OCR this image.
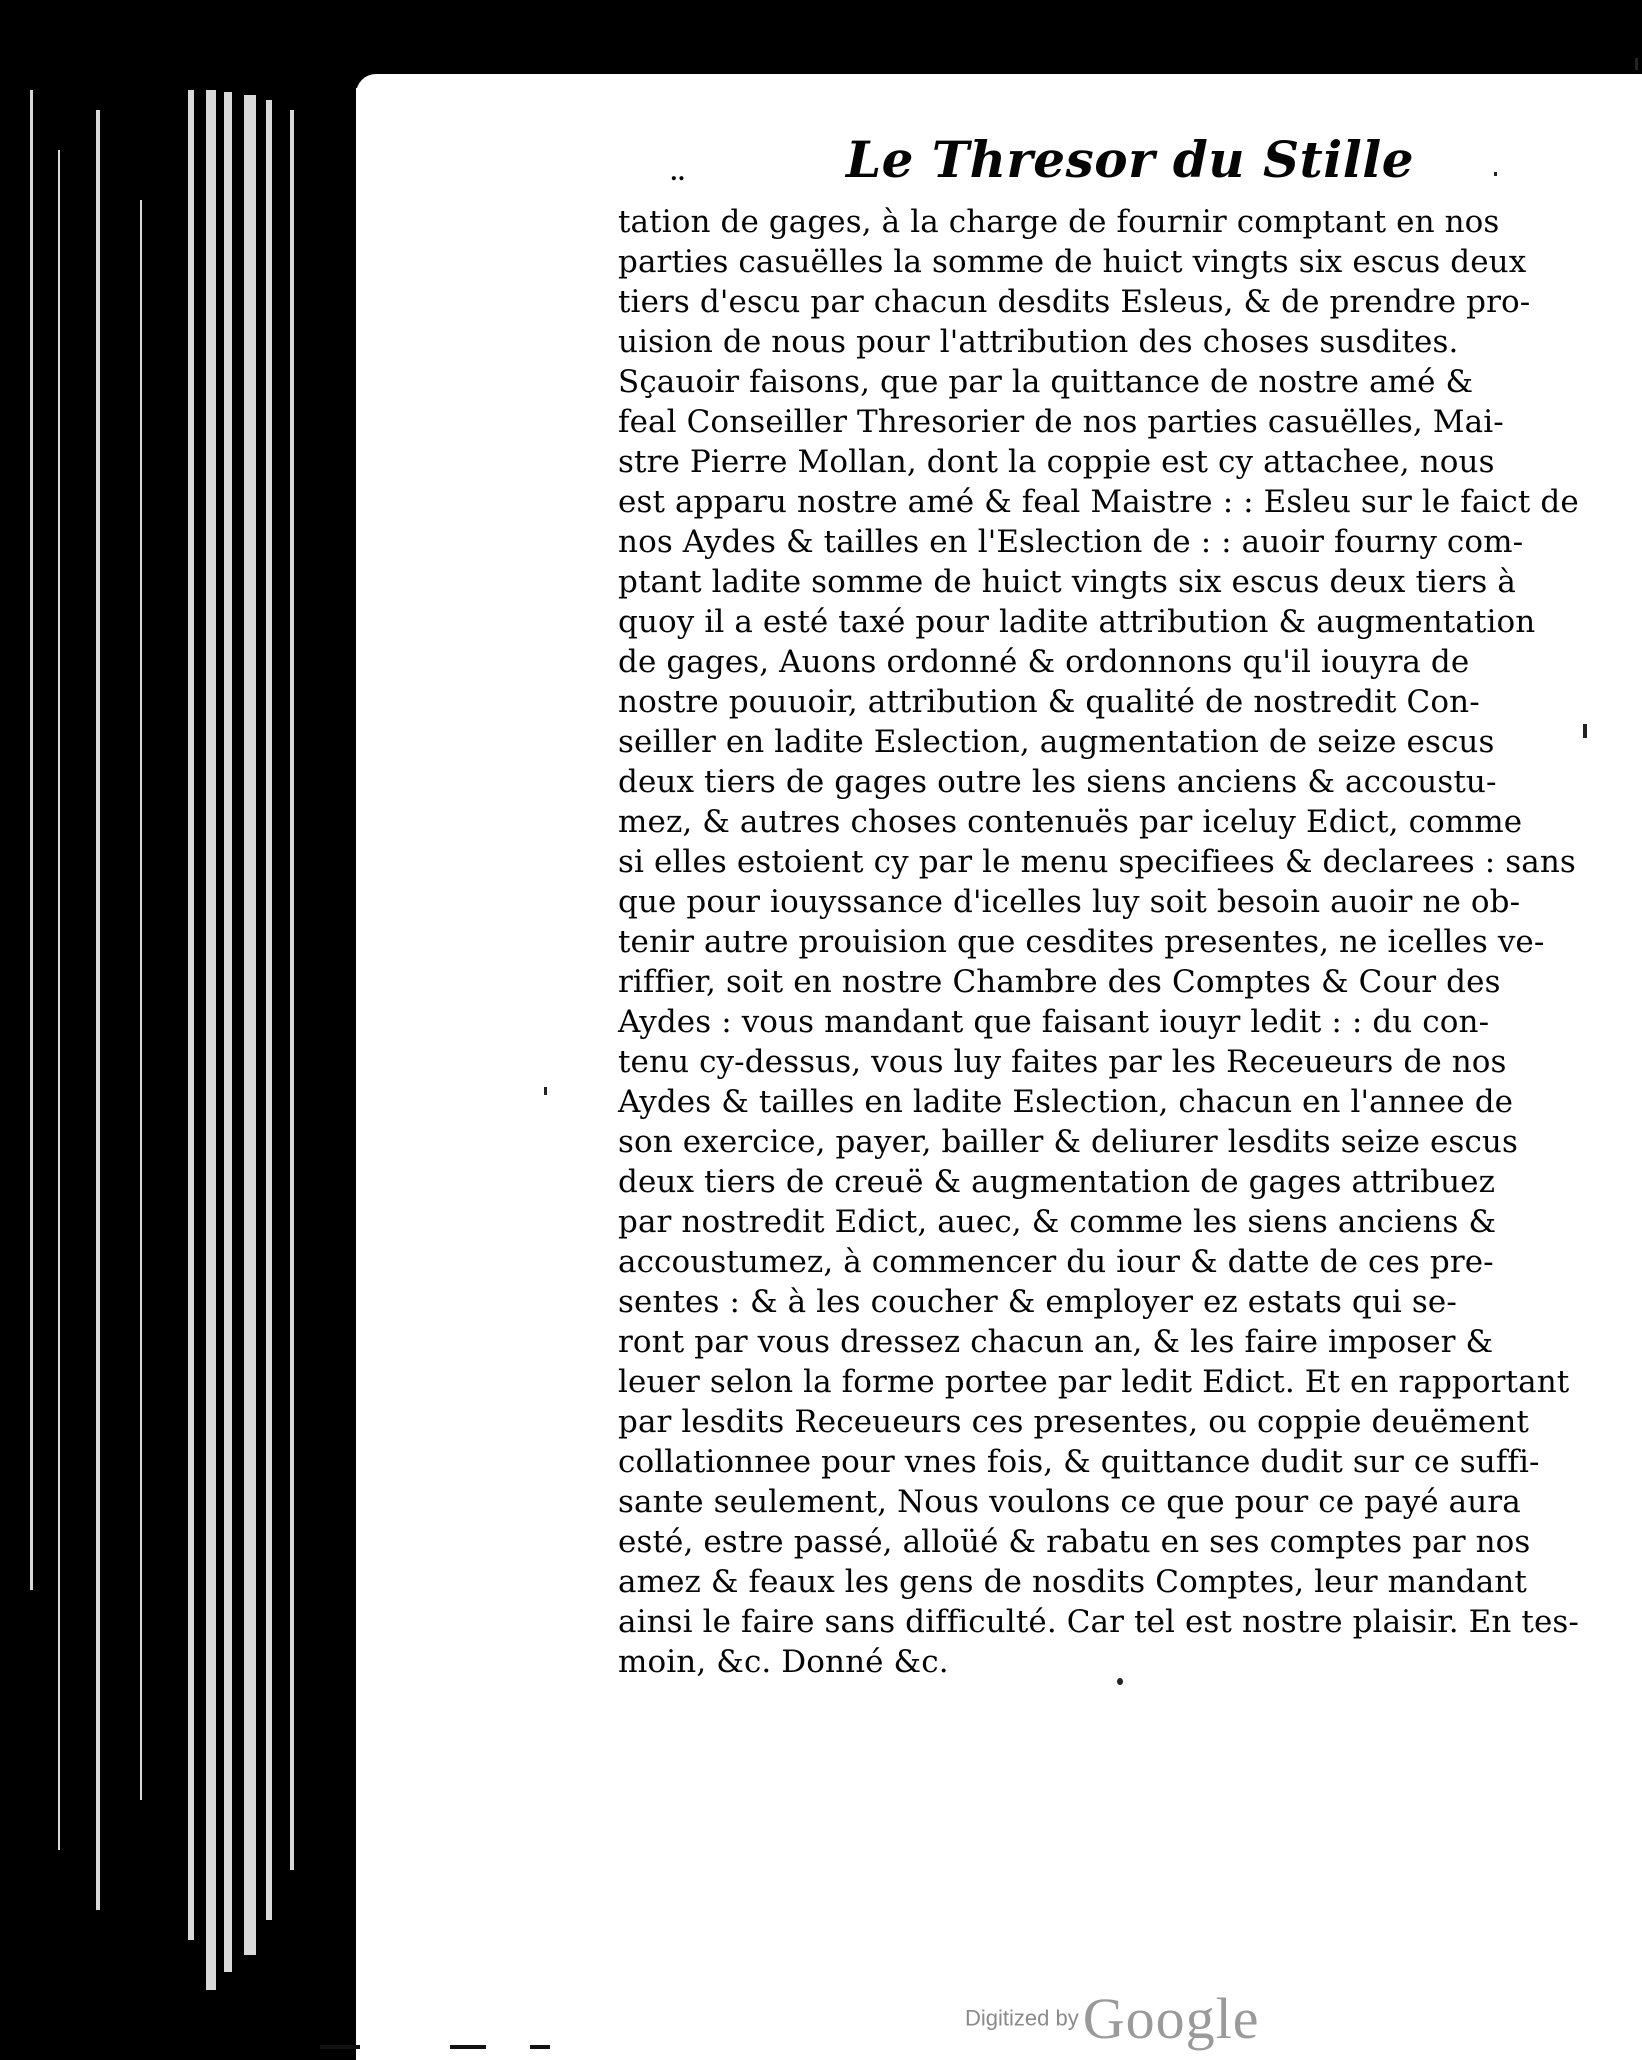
..	Le Thresor du Stille
tation de gages, à la charge de fournir comptant en nos
parties casuëlles la somme de huict vingts six escus deux
tiers d'escu par chacun desdits Esleus, & de prendre pro-
uision de nous pour l'attribution des choses susdites.
Sçauoir faisons, que par la quittance de nostre amé &
feal Conseiller Thresorier de nos parties casuëlles, Mai-
stre Pierre Mollan, dont la coppie est cy attachee, nous
est apparu nostre amé & feal Maistre : : Esleu sur le faict de
nos Aydes & tailles en l'Eslection de : : auoir fourny com-
ptant ladite somme de huict vingts six escus deux tiers à
quoy il a esté taxé pour ladite attribution & augmentation
de gages, Auons ordonné & ordonnons qu'il iouyra de
nostre pouuoir, attribution & qualité de nostredit Con-
seiller en ladite Eslection, augmentation de seize escus
deux tiers de gages outre les siens anciens & accoustu-
mez, & autres choses contenuës par iceluy Edict, comme
si elles estoient cy par le menu specifiees & declarees : sans
que pour iouyssance d'icelles luy soit besoin auoir ne ob-
tenir autre prouision que cesdites presentes, ne icelles ve-
riffier, soit en nostre Chambre des Comptes & Cour des
Aydes : vous mandant que faisant iouyr ledit : : du con-
tenu cy-dessus, vous luy faites par les Receueurs de nos
Aydes & tailles en ladite Eslection, chacun en l'annee de
son exercice, payer, bailler & deliurer lesdits seize escus
deux tiers de creuë & augmentation de gages attribuez
par nostredit Edict, auec, & comme les siens anciens &
accoustumez, à commencer du iour & datte de ces pre-
sentes : & à les coucher & employer ez estats qui se-
ront par vous dressez chacun an, & les faire imposer &
leuer selon la forme portee par ledit Edict. Et en rapportant
par lesdits Receueurs ces presentes, ou coppie deuëment
collationnee pour vnes fois, & quittance dudit sur ce suffi-
sante seulement, Nous voulons ce que pour ce payé aura
esté, estre passé, alloüé & rabatu en ses comptes par nos
amez & feaux les gens de nosdits Comptes, leur mandant
ainsi le faire sans difficulté. Car tel est nostre plaisir. En tes-
moin, &c. Donné &c.
Digitized by Google
